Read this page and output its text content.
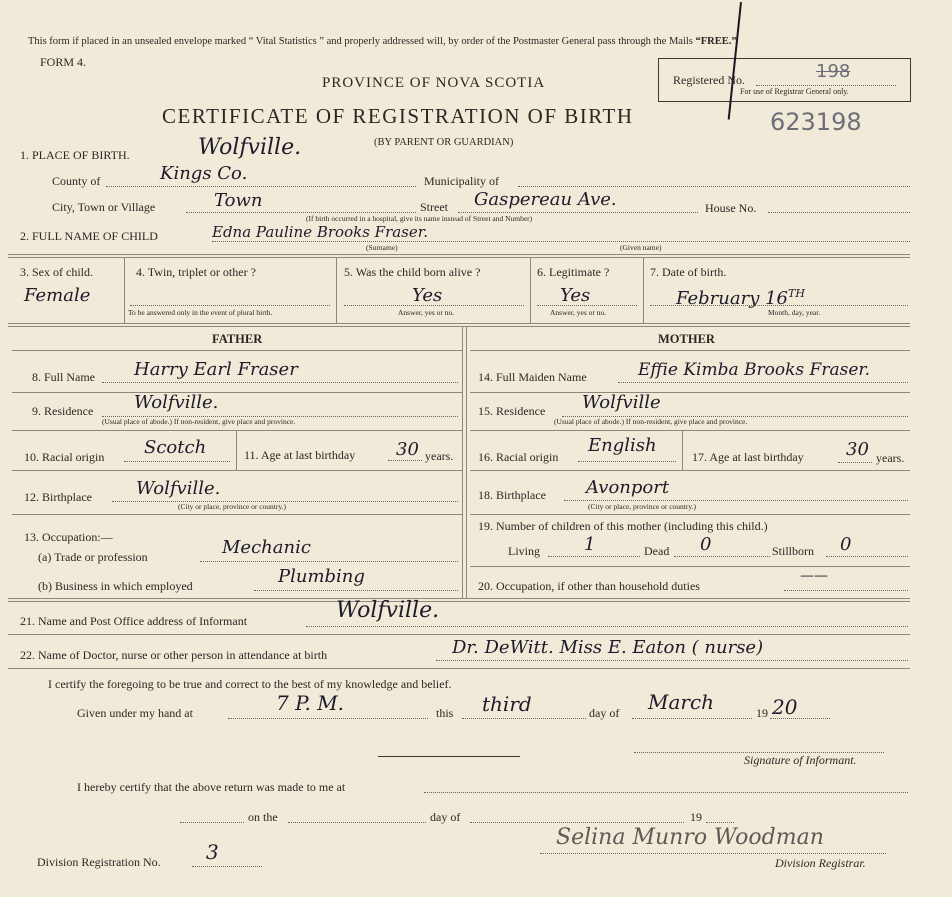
This form if placed in an unsealed envelope marked “ Vital Statistics ” and properly addressed will, by order of the Postmaster General pass through the Mails “FREE.”
FORM 4.
PROVINCE OF NOVA SCOTIA
CERTIFICATE OF REGISTRATION OF BIRTH
(BY PARENT OR GUARDIAN)
Registered No.	198
For use of Registrar General only.
623198
1. PLACE OF BIRTH.	Wolfville.
County of	Kings Co.	Municipality of
City, Town or Village	Town	Street Gaspereau Ave.
(If birth occurred in a hospital, give its name instead of Street and Number)
House No.
2. FULL NAME OF CHILD	Edna Pauline Brooks Fraser.
(Surname)	(Given name)
3. Sex of child.
Female
4. Twin, triplet or other ?
To be answered only in the event of plural birth.
5. Was the child born alive ?
Yes
Answer, yes or no.
6. Legitimate ?
Yes
Answer, yes or no.
7. Date of birth.
February 16TH
Month, day, year.
FATHER	MOTHER
8. Full Name Harry Earl Fraser
9. Residence Wolfville.
(Usual place of abode.) If non-resident, give place and province.
10. Racial origin Scotch	11. Age at last birthday 30 years.
12. Birthplace Wolfville.
(City or place, province or country.)
13. Occupation:—
(a) Trade or profession	Mechanic
(b) Business in which employed	Plumbing
14. Full Maiden Name	Effie Kimba Brooks Fraser.
15. Residence Wolfville
(Usual place of abode.) If non-resident, give place and province.
16. Racial origin
English
17. Age at last birthday 30 years.
18. Birthplace Avonport
(City or place, province or country.)
19. Number of children of this mother (including this child.)
Living 1	Dead 0	Stillborn 0
20. Occupation, if other than household duties
——
21. Name and Post Office address of Informant	Wolfville.
22. Name of Doctor, nurse or other person in attendance at birth	Dr. DeWitt. Miss E. Eaton ( nurse)
I certify the foregoing to be true and correct to the best of my knowledge and belief.
Given under my hand at	7 P. M.	this third	day of March	19 20
Signature of Informant.
I hereby certify that the above return was made to me at
on the	day of	19
Division Registration No. 3
Selina Munro Woodman
Division Registrar.
